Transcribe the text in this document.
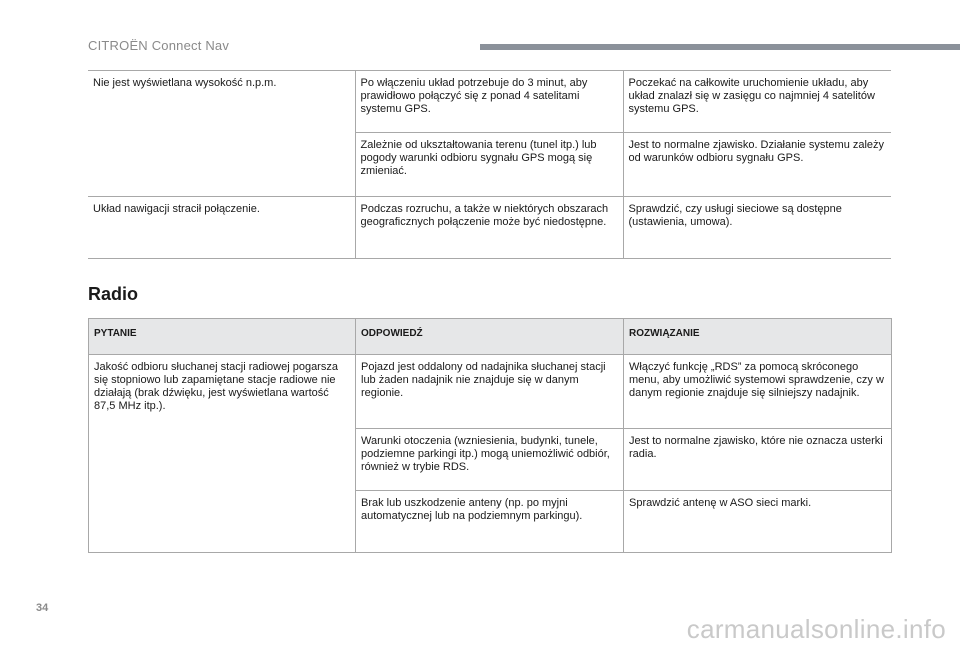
CITROËN Connect Nav
Nie jest wyświetlana wysokość n.p.m.	Po włączeniu układ potrzebuje do 3 minut, aby prawidłowo połączyć się z ponad 4 satelitami systemu GPS.	Poczekać na całkowite uruchomienie układu, aby układ znalazł się w zasięgu co najmniej 4 satelitów systemu GPS.
	Zależnie od ukształtowania terenu (tunel itp.) lub pogody warunki odbioru sygnału GPS mogą się zmieniać.	Jest to normalne zjawisko. Działanie systemu zależy od warunków odbioru sygnału GPS.
Układ nawigacji stracił połączenie.	Podczas rozruchu, a także w niektórych obszarach geograficznych połączenie może być niedostępne.	Sprawdzić, czy usługi sieciowe są dostępne (ustawienia, umowa).
Radio
PYTANIE	ODPOWIEDŹ	ROZWIĄZANIE
Jakość odbioru słuchanej stacji radiowej pogarsza się stopniowo lub zapamiętane stacje radiowe nie działają (brak dźwięku, jest wyświetlana wartość 87,5 MHz itp.).	Pojazd jest oddalony od nadajnika słuchanej stacji lub żaden nadajnik nie znajduje się w danym regionie.	Włączyć funkcję „RDS” za pomocą skróconego menu, aby umożliwić systemowi sprawdzenie, czy w danym regionie znajduje się silniejszy nadajnik.
	Warunki otoczenia (wzniesienia, budynki, tunele, podziemne parkingi itp.) mogą uniemożliwić odbiór, również w trybie RDS.	Jest to normalne zjawisko, które nie oznacza usterki radia.
	Brak lub uszkodzenie anteny (np. po myjni automatycznej lub na podziemnym parkingu).	Sprawdzić antenę w ASO sieci marki.
34
carmanualsonline.info
